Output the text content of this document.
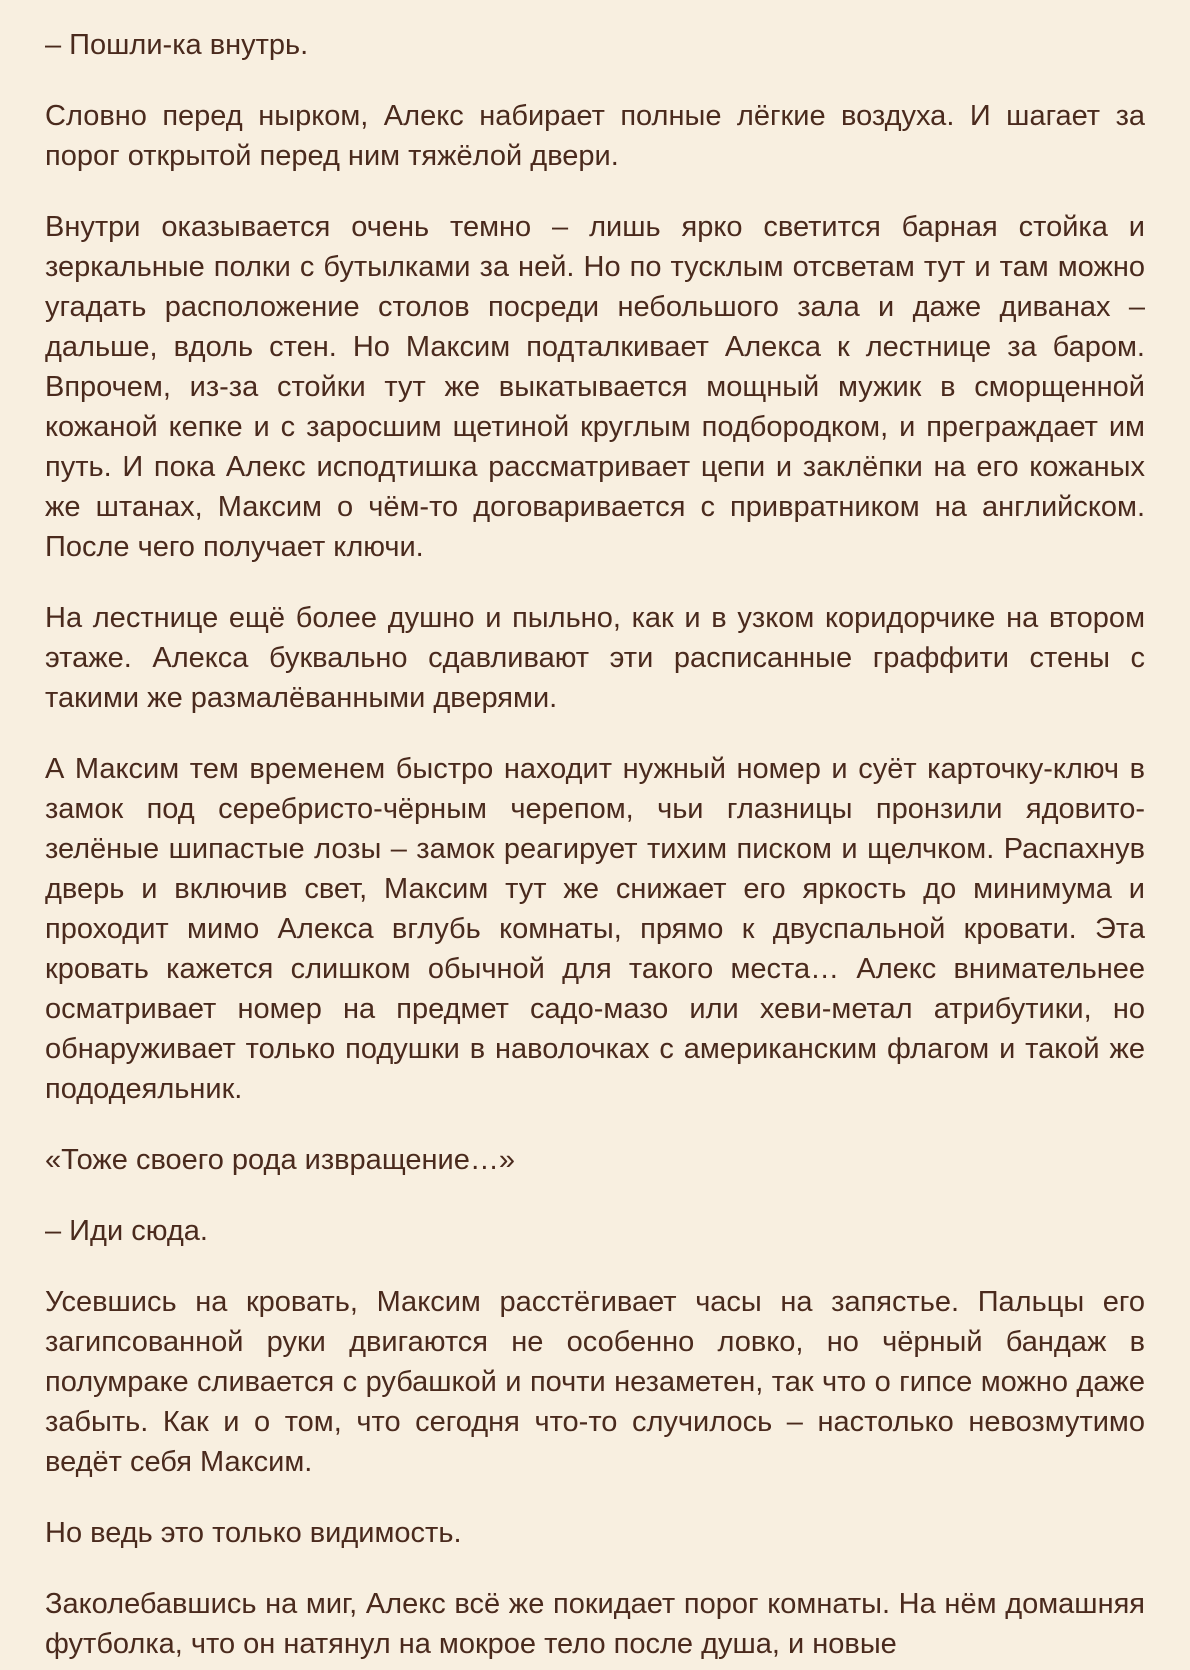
– Пошли-ка внутрь.

Словно перед нырком, Алекс набирает полные лёгкие воздуха. И шагает за порог открытой перед ним тяжёлой двери.

Внутри оказывается очень темно – лишь ярко светится барная стойка и зеркальные полки с бутылками за ней. Но по тусклым отсветам тут и там можно угадать расположение столов посреди небольшого зала и даже диванах – дальше, вдоль стен. Но Максим подталкивает Алекса к лестнице за баром. Впрочем, из-за стойки тут же выкатывается мощный мужик в сморщенной кожаной кепке и с заросшим щетиной круглым подбородком, и преграждает им путь. И пока Алекс исподтишка рассматривает цепи и заклёпки на его кожаных же штанах, Максим о чём-то договаривается с привратником на английском. После чего получает ключи.

На лестнице ещё более душно и пыльно, как и в узком коридорчике на втором этаже. Алекса буквально сдавливают эти расписанные граффити стены с такими же размалёванными дверями.

А Максим тем временем быстро находит нужный номер и суёт карточку-ключ в замок под серебристо-чёрным черепом, чьи глазницы пронзили ядовито-зелёные шипастые лозы – замок реагирует тихим писком и щелчком. Распахнув дверь и включив свет, Максим тут же снижает его яркость до минимума и проходит мимо Алекса вглубь комнаты, прямо к двуспальной кровати. Эта кровать кажется слишком обычной для такого места… Алекс внимательнее осматривает номер на предмет садо-мазо или хеви-метал атрибутики, но обнаруживает только подушки в наволочках с американским флагом и такой же пододеяльник.

«Тоже своего рода извращение…»

– Иди сюда.

Усевшись на кровать, Максим расстёгивает часы на запястье. Пальцы его загипсованной руки двигаются не особенно ловко, но чёрный бандаж в полумраке сливается с рубашкой и почти незаметен, так что о гипсе можно даже забыть. Как и о том, что сегодня что-то случилось – настолько невозмутимо ведёт себя Максим.

Но ведь это только видимость.

Заколебавшись на миг, Алекс всё же покидает порог комнаты. На нём домашняя футболка, что он натянул на мокрое тело после душа, и новые
